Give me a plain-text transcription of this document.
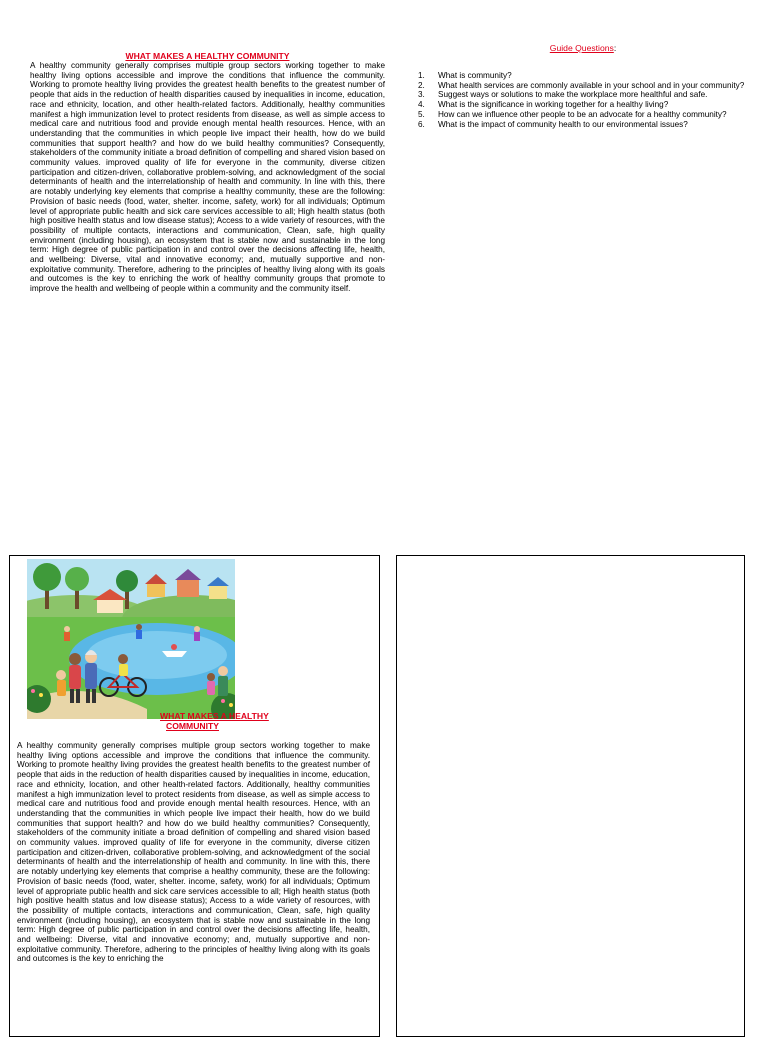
WHAT MAKES A HEALTHY COMMUNITY

A healthy community generally comprises multiple group sectors working together to make healthy living options accessible and improve the conditions that influence the community. Working to promote healthy living provides the greatest health benefits to the greatest number of people that aids in the reduction of health disparities caused by inequalities in income, education, race and ethnicity, location, and other health-related factors. Additionally, healthy communities manifest a high immunization level to protect residents from disease, as well as simple access to medical care and nutritious food and provide enough mental health resources. Hence, with an understanding that the communities in which people live impact their health, how do we build communities that support health? and how do we build healthy communities? Consequently, stakeholders of the community initiate a broad definition of compelling and shared vision based on community values. improved quality of life for everyone in the community, diverse citizen participation and citizen-driven, collaborative problem-solving, and acknowledgment of the social determinants of health and the interrelationship of health and community. In line with this, there are notably underlying key elements that comprise a healthy community, these are the following: Provision of basic needs (food, water, shelter. income, safety, work) for all individuals; Optimum level of appropriate public health and sick care services accessible to all; High health status (both high positive health status and low disease status); Access to a wide variety of resources, with the possibility of multiple contacts, interactions and communication, Clean, safe, high quality environment (including housing), an ecosystem that is stable now and sustainable in the long term: High degree of public participation in and control over the decisions affecting life, health, and wellbeing: Diverse, vital and innovative economy; and, mutually supportive and non-exploitative community. Therefore, adhering to the principles of healthy living along with its goals and outcomes is the key to enriching the work of healthy community groups that promote to improve the health and wellbeing of people within a community and the community itself.

Guide Questions:
1.	What is community?
2.	What health services are commonly available in your school and in your community?
3.	Suggest ways or solutions to make the workplace more healthful and safe.
4.	What is the significance in working together for a healthy living?
5.	How can we influence other people to be an advocate for a healthy community?
6.	What is the impact of community health to our environmental issues?
WHAT MAKES A HEALTHY
COMMUNITY

A healthy community generally comprises multiple group sectors working together to make healthy living options accessible and improve the conditions that influence the community. Working to promote healthy living provides the greatest health benefits to the greatest number of people that aids in the reduction of health disparities caused by inequalities in income, education, race and ethnicity, location, and other health-related factors. Additionally, healthy communities manifest a high immunization level to protect residents from disease, as well as simple access to medical care and nutritious food and provide enough mental health resources. Hence, with an understanding that the communities in which people live impact their health, how do we build communities that support health? and how do we build healthy communities? Consequently, stakeholders of the community initiate a broad definition of compelling and shared vision based on community values. improved quality of life for everyone in the community, diverse citizen participation and citizen-driven, collaborative problem-solving, and acknowledgment of the social determinants of health and the interrelationship of health and community. In line with this, there are notably underlying key elements that comprise a healthy community, these are the following: Provision of basic needs (food, water, shelter. income, safety, work) for all individuals; Optimum level of appropriate public health and sick care services accessible to all; High health status (both high positive health status and low disease status); Access to a wide variety of resources, with the possibility of multiple contacts, interactions and communication, Clean, safe, high quality environment (including housing), an ecosystem that is stable now and sustainable in the long term: High degree of public participation in and control over the decisions affecting life, health, and wellbeing: Diverse, vital and innovative economy; and, mutually supportive and non-exploitative community. Therefore, adhering to the principles of healthy living along with its goals and outcomes is the key to enriching the
